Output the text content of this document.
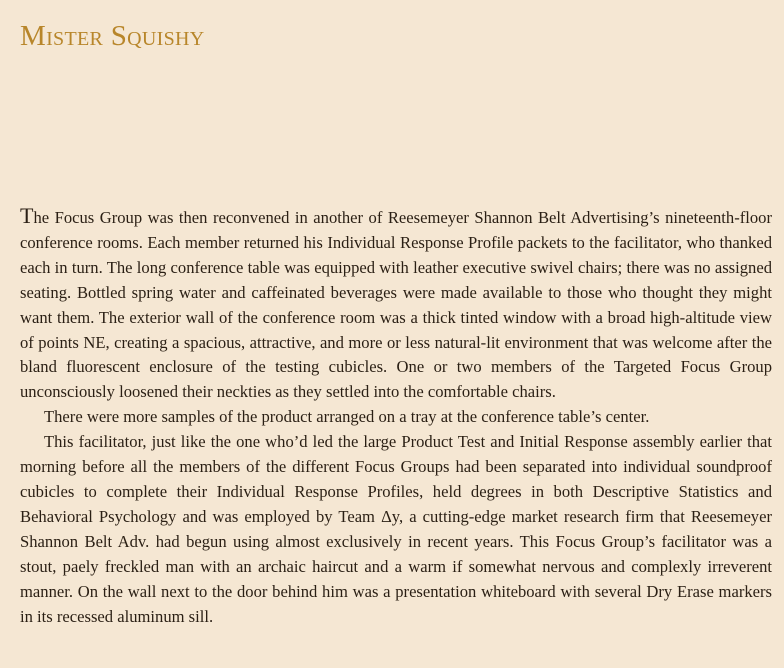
Mister Squishy

The Focus Group was then reconvened in another of Reesemeyer Shannon Belt Advertising’s nineteenth-floor conference rooms. Each member returned his Individual Response Profile packets to the facilitator, who thanked each in turn. The long conference table was equipped with leather executive swivel chairs; there was no assigned seating. Bottled spring water and caffeinated beverages were made available to those who thought they might want them. The exterior wall of the conference room was a thick tinted window with a broad high-altitude view of points NE, creating a spacious, attractive, and more or less natural-lit environment that was welcome after the bland fluorescent enclosure of the testing cubicles. One or two members of the Targeted Focus Group unconsciously loosened their neckties as they settled into the comfortable chairs.

There were more samples of the product arranged on a tray at the conference table’s center.

This facilitator, just like the one who’d led the large Product Test and Initial Response assembly earlier that morning before all the members of the different Focus Groups had been separated into individual soundproof cubicles to complete their Individual Response Profiles, held degrees in both Descriptive Statistics and Behavioral Psychology and was employed by Team Δy, a cutting-edge market research firm that Reesemeyer Shannon Belt Adv. had begun using almost exclusively in recent years. This Focus Group’s facilitator was a stout, paely freckled man with an archaic haircut and a warm if somewhat nervous and complexly irreverent manner. On the wall next to the door behind him was a presentation whiteboard with several Dry Erase markers in its recessed aluminum sill.
